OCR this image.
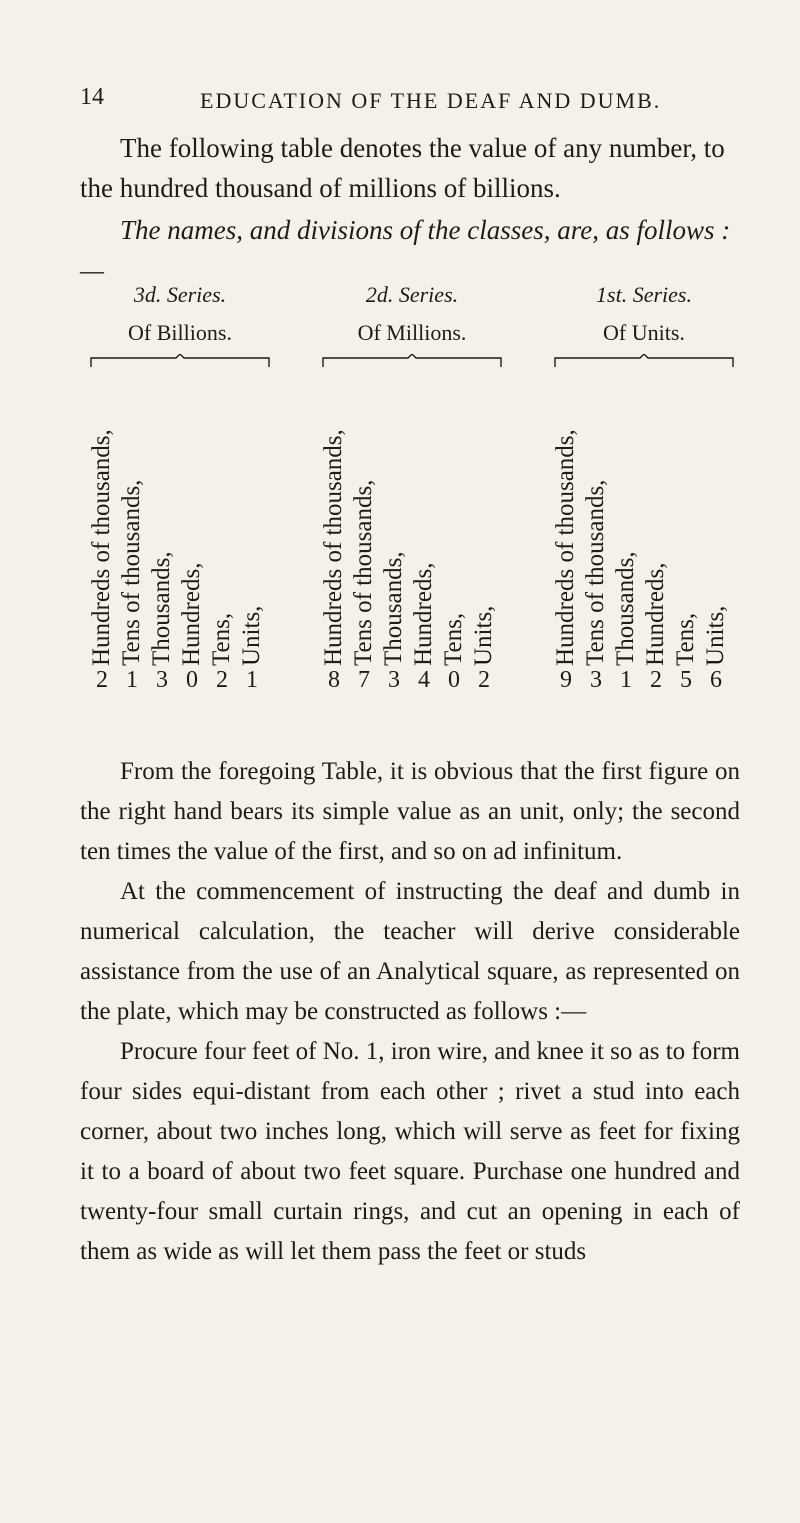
14	EDUCATION OF THE DEAF AND DUMB.

The following table denotes the value of any number, to the hundred thousand of millions of billions.

The names, and divisions of the classes, are, as follows :—

3d. Series.
Of Billions.
Hundreds of thousands, Tens of thousands, Thousands, Hundreds, Tens, Units,
2 1 3 0 2 1
2d. Series.
Of Millions.
Hundreds of thousands, Tens of thousands, Thousands, Hundreds, Tens, Units,
8 7 3 4 0 2
1st. Series.
Of Units.
Hundreds of thousands, Tens of thousands, Thousands, Hundreds, Tens, Units,
9 3 1 2 5 6

From the foregoing Table, it is obvious that the first figure on the right hand bears its simple value as an unit, only; the second ten times the value of the first, and so on ad infinitum.

At the commencement of instructing the deaf and dumb in numerical calculation, the teacher will derive considerable assistance from the use of an Analytical square, as represented on the plate, which may be constructed as follows :—

Procure four feet of No. 1, iron wire, and knee it so as to form four sides equi-distant from each other ; rivet a stud into each corner, about two inches long, which will serve as feet for fixing it to a board of about two feet square. Purchase one hundred and twenty-four small curtain rings, and cut an opening in each of them as wide as will let them pass the feet or studs
